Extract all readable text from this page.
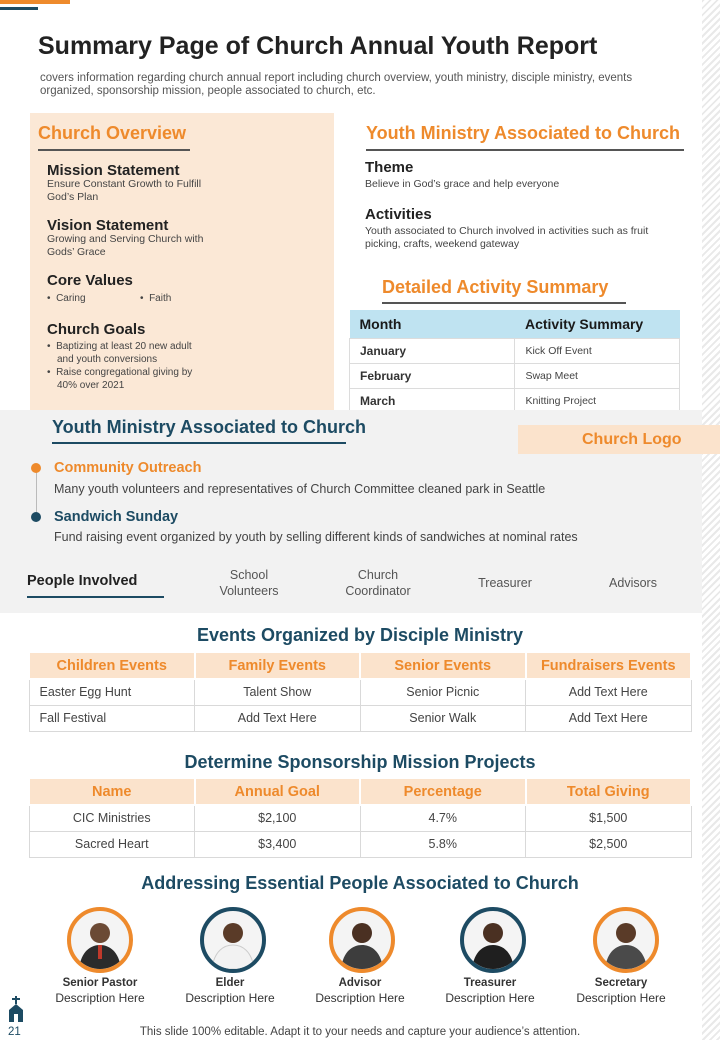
Summary Page of Church Annual Youth Report
covers information regarding church annual report including church overview, youth ministry, disciple ministry, events organized, sponsorship mission, people associated to church, etc.
Church Overview
Mission Statement
Ensure Constant Growth to Fulfill
God’s Plan
Vision Statement
Growing and Serving Church with
Gods’ Grace
Core Values
•  Caring	•  Faith
Church Goals
•  Baptizing at least 20 new adult
and youth conversions
•  Raise congregational giving by
40% over 2021
Youth Ministry Associated to Church
Theme
Believe in God’s grace and help everyone
Activities
Youth associated to Church involved in activities such as fruit
picking, crafts, weekend gateway
Detailed Activity Summary
Month	Activity Summary
January	Kick Off Event
February	Swap Meet
March	Knitting Project
Youth Ministry Associated to Church
Church Logo
Community Outreach
Many youth volunteers and representatives of Church Committee cleaned park in Seattle
Sandwich Sunday
Fund raising event organized by youth by selling different kinds of sandwiches at nominal rates
People Involved	School
Volunteers
Church
Coordinator
Treasurer	Advisors
Events Organized by Disciple Ministry
Children Events	Family Events	Senior Events	Fundraisers Events
Easter Egg Hunt	Talent Show	Senior Picnic	Add Text Here
Fall Festival	Add Text Here	Senior Walk	Add Text Here
Determine Sponsorship Mission Projects
Name	Annual Goal	Percentage	Total Giving
CIC Ministries	$2,100	4.7%	$1,500
Sacred Heart	$3,400	5.8%	$2,500
Addressing Essential People Associated to Church
Senior Pastor
Description Here
Elder
Description Here
Advisor
Description Here
Treasurer
Description Here
Secretary
Description Here
21	This slide 100% editable. Adapt it to your needs and capture your audience’s attention.
